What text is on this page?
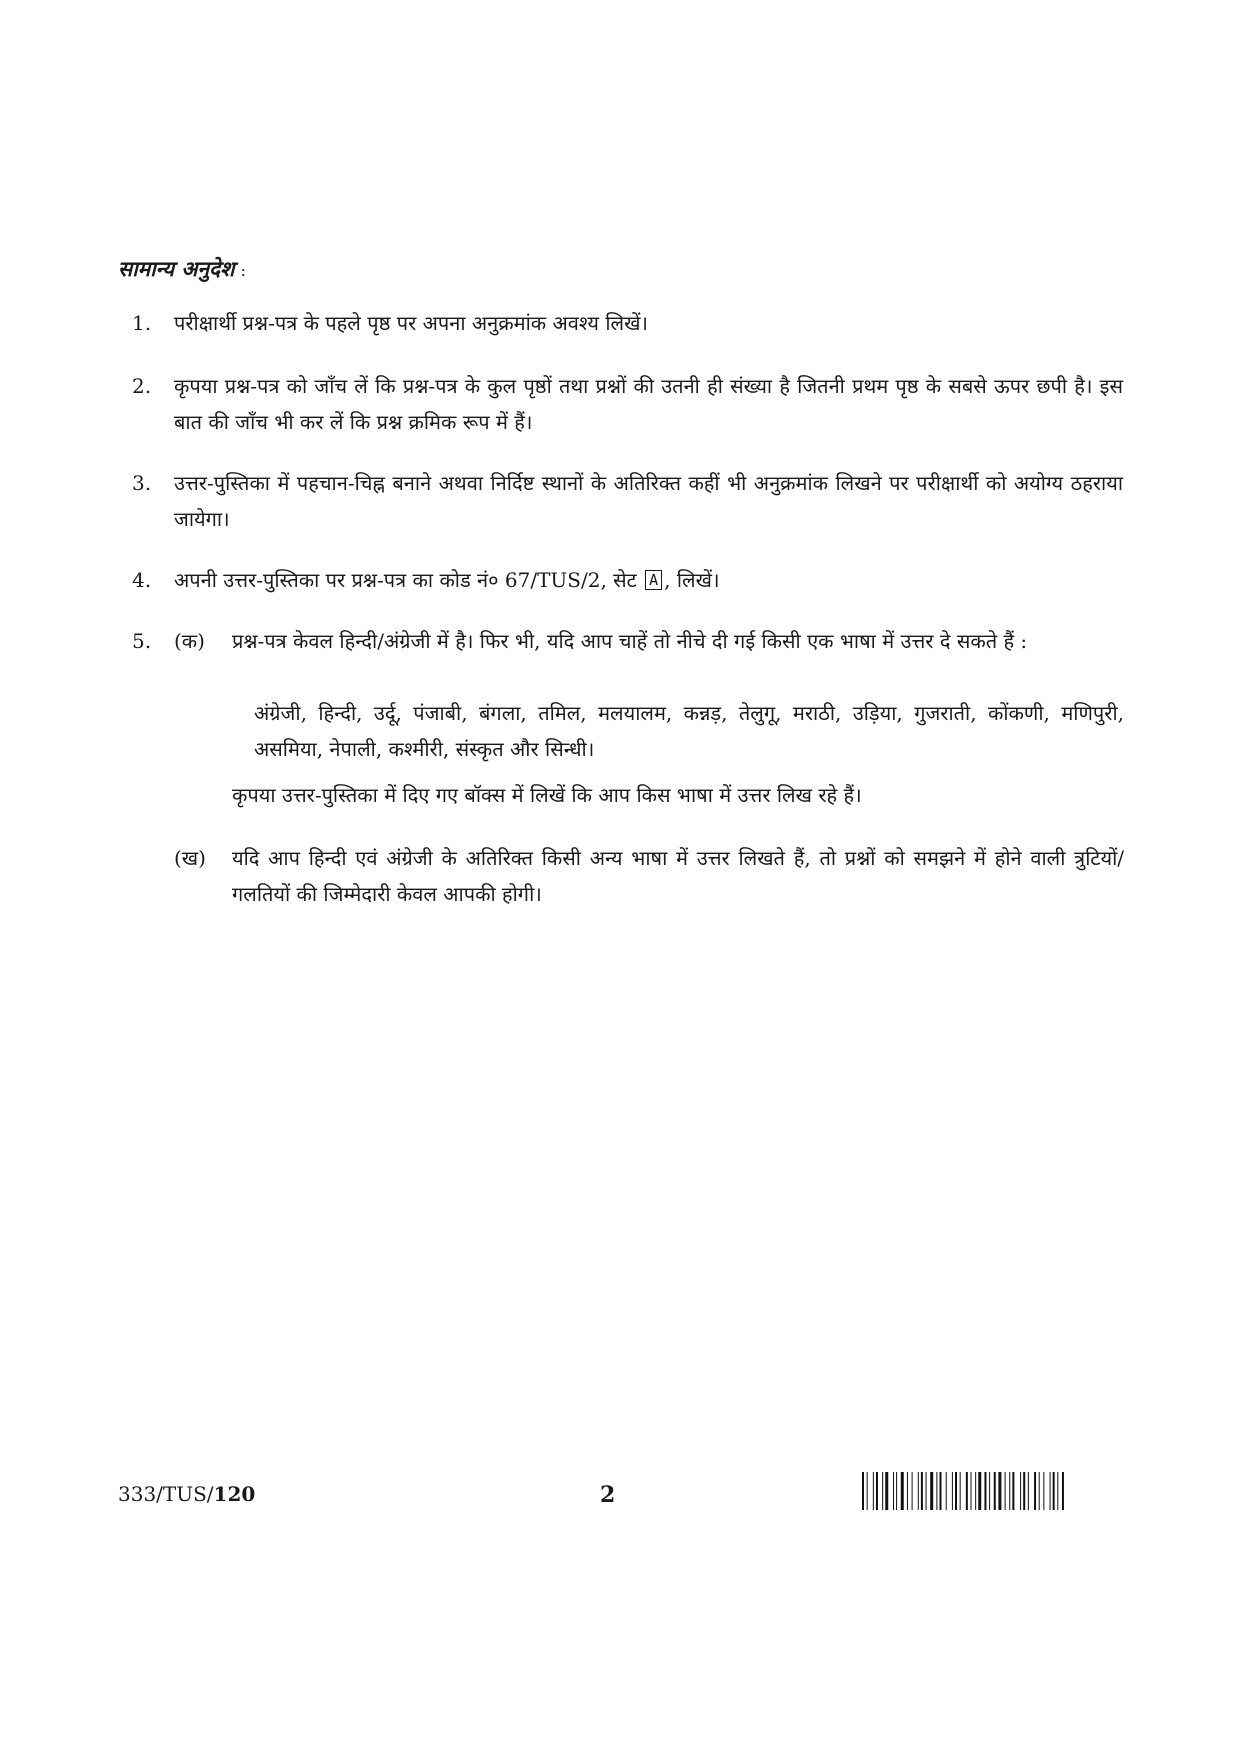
सामान्य अनुदेश :
1. परीक्षार्थी प्रश्न-पत्र के पहले पृष्ठ पर अपना अनुक्रमांक अवश्य लिखें।
2. कृपया प्रश्न-पत्र को जाँच लें कि प्रश्न-पत्र के कुल पृष्ठों तथा प्रश्नों की उतनी ही संख्या है जितनी प्रथम पृष्ठ के सबसे ऊपर छपी है। इस बात की जाँच भी कर लें कि प्रश्न क्रमिक रूप में हैं।
3. उत्तर-पुस्तिका में पहचान-चिह्न बनाने अथवा निर्दिष्ट स्थानों के अतिरिक्त कहीं भी अनुक्रमांक लिखने पर परीक्षार्थी को अयोग्य ठहराया जायेगा।
4. अपनी उत्तर-पुस्तिका पर प्रश्न-पत्र का कोड नं० 67/TUS/2, सेट A , लिखें।
5. (क) प्रश्न-पत्र केवल हिन्दी/अंग्रेजी में है। फिर भी, यदि आप चाहें तो नीचे दी गई किसी एक भाषा में उत्तर दे सकते हैं :
अंग्रेजी, हिन्दी, उर्दू, पंजाबी, बंगला, तमिल, मलयालम, कन्नड़, तेलुगू, मराठी, उड़िया, गुजराती, कोंकणी, मणिपुरी, असमिया, नेपाली, कश्मीरी, संस्कृत और सिन्धी।
कृपया उत्तर-पुस्तिका में दिए गए बॉक्स में लिखें कि आप किस भाषा में उत्तर लिख रहे हैं।
(ख) यदि आप हिन्दी एवं अंग्रेजी के अतिरिक्त किसी अन्य भाषा में उत्तर लिखते हैं, तो प्रश्नों को समझने में होने वाली त्रुटियों/गलतियों की जिम्मेदारी केवल आपकी होगी।
333/TUS/120	2
